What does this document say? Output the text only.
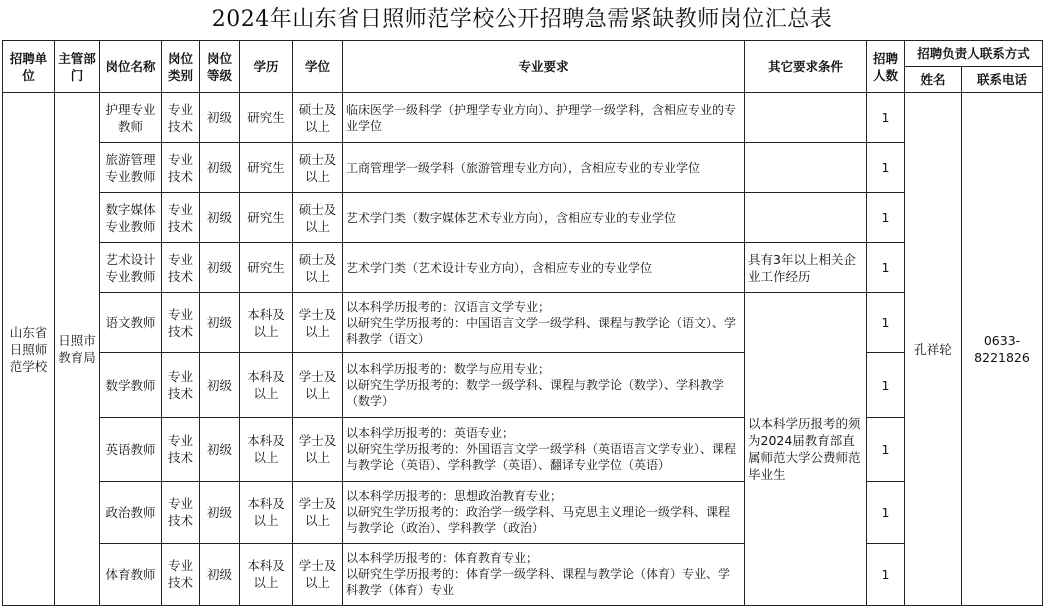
2024年山东省日照师范学校公开招聘急需紧缺教师岗位汇总表
招聘单位	主管部门	岗位名称	岗位类别	岗位等级	学历	学位	专业要求	其它要求条件	招聘人数	招聘负责人联系方式	
										姓名	联系电话
山东省日照师范学校	日照市教育局	护理专业教师	专业技术	初级	研究生	硕士及以上	临床医学一级科学（护理学专业方向）、护理学一级学科，含相应专业的专业学位		1	孔祥轮	0633-8221826
		旅游管理专业教师	专业技术	初级	研究生	硕士及以上	工商管理学一级学科（旅游管理专业方向），含相应专业的专业学位		1		
		数字媒体专业教师	专业技术	初级	研究生	硕士及以上	艺术学门类（数字媒体艺术专业方向），含相应专业的专业学位		1		
		艺术设计专业教师	专业技术	初级	研究生	硕士及以上	艺术学门类（艺术设计专业方向），含相应专业的专业学位	具有3年以上相关企业工作经历	1		
		语文教师	专业技术	初级	本科及以上	学士及以上	以本科学历报考的：汉语言文学专业；
以研究生学历报考的：中国语言文学一级学科、课程与教学论（语文）、学科教学（语文）	以本科学历报考的须为2024届教育部直属师范大学公费师范毕业生	1		
		数学教师	专业技术	初级	本科及以上	学士及以上	以本科学历报考的：数学与应用专业；
以研究生学历报考的：数学一级学科、课程与教学论（数学）、学科教学（数学）		1		
		英语教师	专业技术	初级	本科及以上	学士及以上	以本科学历报考的：英语专业；
以研究生学历报考的：外国语言文学一级学科（英语语言文学专业）、课程与教学论（英语）、学科教学（英语）、翻译专业学位（英语）		1		
		政治教师	专业技术	初级	本科及以上	学士及以上	以本科学历报考的：思想政治教育专业；
以研究生学历报考的：政治学一级学科、马克思主义理论一级学科、课程与教学论（政治）、学科教学（政治）		1		
		体育教师	专业技术	初级	本科及以上	学士及以上	以本科学历报考的：体育教育专业；
以研究生学历报考的：体育学一级学科、课程与教学论（体育）专业、学科教学（体育）专业		1		
